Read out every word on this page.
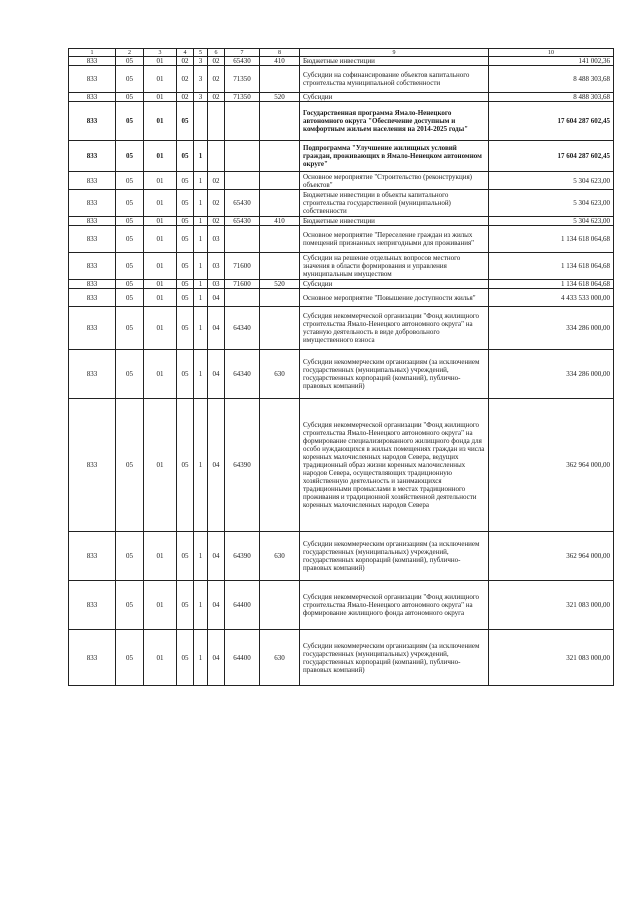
1	2	3	4	5	6	7	8	9	10
833	05	01	02	3	02	65430	410	Бюджетные инвестиции	141 002,36
833	05	01	02	3	02	71350		Субсидии на софинансирование объектов капитального строительства муниципальной собственности	8 488 303,68
833	05	01	02	3	02	71350	520	Субсидии	8 488 303,68
833	05	01	05					Государственная программа Ямало-Ненецкого автономного округа "Обеспечение доступным и комфортным жильем населения на 2014-2025 годы"	17 604 287 602,45
833	05	01	05	1				Подпрограмма "Улучшение жилищных условий граждан, проживающих в Ямало-Ненецком автономном округе"	17 604 287 602,45
833	05	01	05	1	02			Основное мероприятие "Строительство (реконструкция) объектов"	5 304 623,00
833	05	01	05	1	02	65430		Бюджетные инвестиции в объекты капитального строительства государственной (муниципальной) собственности	5 304 623,00
833	05	01	05	1	02	65430	410	Бюджетные инвестиции	5 304 623,00
833	05	01	05	1	03			Основное мероприятие "Переселение граждан из жилых помещений признанных непригодными для проживания"	1 134 618 064,68
833	05	01	05	1	03	71600		Субсидии на решение отдельных вопросов местного значения в области формирования и управления муниципальным имуществом	1 134 618 064,68
833	05	01	05	1	03	71600	520	Субсидии	1 134 618 064,68
833	05	01	05	1	04			Основное мероприятие "Повышение доступности жилья"	4 433 533 000,00
833	05	01	05	1	04	64340		Субсидия некоммерческой организации "Фонд жилищного строительства Ямало-Ненецкого автономного округа" на уставную деятельность в виде добровольного имущественного взноса	334 286 000,00
833	05	01	05	1	04	64340	630	Субсидии некоммерческим организациям (за исключением государственных (муниципальных) учреждений, государственных корпораций (компаний), публично-правовых компаний)	334 286 000,00
833	05	01	05	1	04	64390		Субсидия некоммерческой организации "Фонд жилищного строительства Ямало-Ненецкого автономного округа" на формирование специализированного жилищного фонда для особо нуждающихся в жилых помещениях граждан из числа коренных малочисленных народов Севера, ведущих традиционный образ жизни коренных малочисленных народов Севера, осуществляющих традиционную хозяйственную деятельность и занимающихся традиционными промыслами в местах традиционного проживания и традиционной хозяйственной деятельности коренных малочисленных народов Севера	362 964 000,00
833	05	01	05	1	04	64390	630	Субсидии некоммерческим организациям (за исключением государственных (муниципальных) учреждений, государственных корпораций (компаний), публично-правовых компаний)	362 964 000,00
833	05	01	05	1	04	64400		Субсидия некоммерческой организации "Фонд жилищного строительства Ямало-Ненецкого автономного округа" на формирование жилищного фонда автономного округа	321 083 000,00
833	05	01	05	1	04	64400	630	Субсидии некоммерческим организациям (за исключением государственных (муниципальных) учреждений, государственных корпораций (компаний), публично-правовых компаний)	321 083 000,00
